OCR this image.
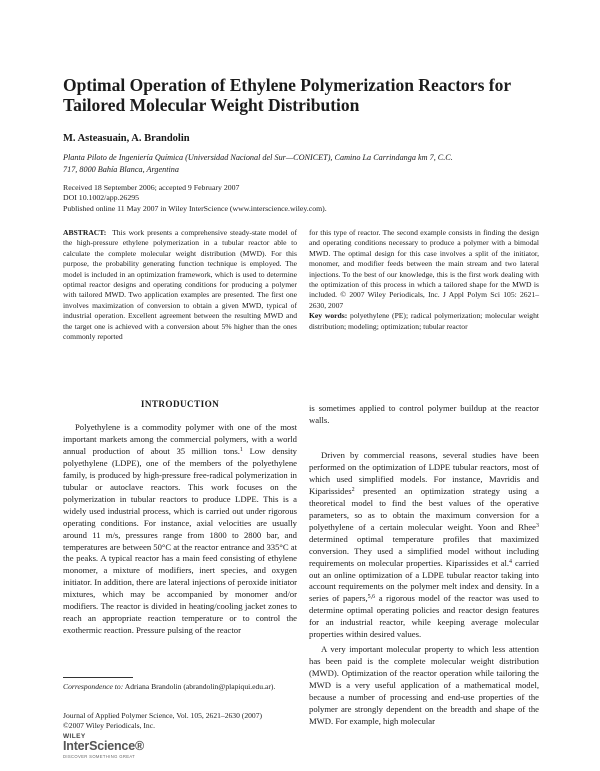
Optimal Operation of Ethylene Polymerization Reactors for Tailored Molecular Weight Distribution

M. Asteasuain, A. Brandolin

Planta Piloto de Ingeniería Química (Universidad Nacional del Sur—CONICET), Camino La Carrindanga km 7, C.C. 717, 8000 Bahía Blanca, Argentina

Received 18 September 2006; accepted 9 February 2007
DOI 10.1002/app.26295
Published online 11 May 2007 in Wiley InterScience (www.interscience.wiley.com).
ABSTRACT: This work presents a comprehensive steady-state model of the high-pressure ethylene polymerization in a tubular reactor able to calculate the complete molecular weight distribution (MWD). For this purpose, the probability generating function technique is employed. The model is included in an optimization framework, which is used to determine optimal reactor designs and operating conditions for producing a polymer with tailored MWD. Two application examples are presented. The first one involves maximization of conversion to obtain a given MWD, typical of industrial operation. Excellent agreement between the resulting MWD and the target one is achieved with a conversion about 5% higher than the ones commonly reported

for this type of reactor. The second example consists in finding the design and operating conditions necessary to produce a polymer with a bimodal MWD. The optimal design for this case involves a split of the initiator, monomer, and modifier feeds between the main stream and two lateral injections. To the best of our knowledge, this is the first work dealing with the optimization of this process in which a tailored shape for the MWD is included. © 2007 Wiley Periodicals, Inc. J Appl Polym Sci 105: 2621–2630, 2007

Key words: polyethylene (PE); radical polymerization; molecular weight distribution; modeling; optimization; tubular reactor

INTRODUCTION

Polyethylene is a commodity polymer with one of the most important markets among the commercial polymers, with a world annual production of about 35 million tons.$^1$ Low density polyethylene (LDPE), one of the members of the polyethylene family, is produced by high-pressure free-radical polymerization in tubular or autoclave reactors. This work focuses on the polymerization in tubular reactors to produce LDPE. This is a widely used industrial process, which is carried out under rigorous operating conditions. For instance, axial velocities are usually around 11 m/s, pressures range from 1800 to 2800 bar, and temperatures are between 50°C at the reactor entrance and 335°C at the peaks. A typical reactor has a main feed consisting of ethylene monomer, a mixture of modifiers, inert species, and oxygen initiator. In addition, there are lateral injections of peroxide initiator mixtures, which may be accompanied by monomer and/or modifiers. The reactor is divided in heating/cooling jacket zones to reach an appropriate reaction temperature or to control the exothermic reaction. Pressure pulsing of the reactor

is sometimes applied to control polymer buildup at the reactor walls.

Driven by commercial reasons, several studies have been performed on the optimization of LDPE tubular reactors, most of which used simplified models. For instance, Mavridis and Kiparissides$^2$ presented an optimization strategy using a theoretical model to find the best values of the operative parameters, so as to obtain the maximum conversion for a polyethylene of a certain molecular weight. Yoon and Rhee$^3$ determined optimal temperature profiles that maximized conversion. They used a simplified model without including requirements on molecular properties. Kiparissides et al.$^4$ carried out an online optimization of a LDPE tubular reactor taking into account requirements on the polymer melt index and density. In a series of papers,$^{5,6}$ a rigorous model of the reactor was used to determine optimal operating policies and reactor design features for an industrial reactor, while keeping average molecular properties within desired values.

A very important molecular property to which less attention has been paid is the complete molecular weight distribution (MWD). Optimization of the reactor operation while tailoring the MWD is a very useful application of a mathematical model, because a number of processing and end-use properties of the polymer are strongly dependent on the breadth and shape of the MWD. For example, high molecular

Correspondence to: Adriana Brandolin (abrandolin@plapiqui.edu.ar).

Journal of Applied Polymer Science, Vol. 105, 2621–2630 (2007)
©2007 Wiley Periodicals, Inc.
WILEY
InterScience®
DISCOVER SOMETHING GREAT
